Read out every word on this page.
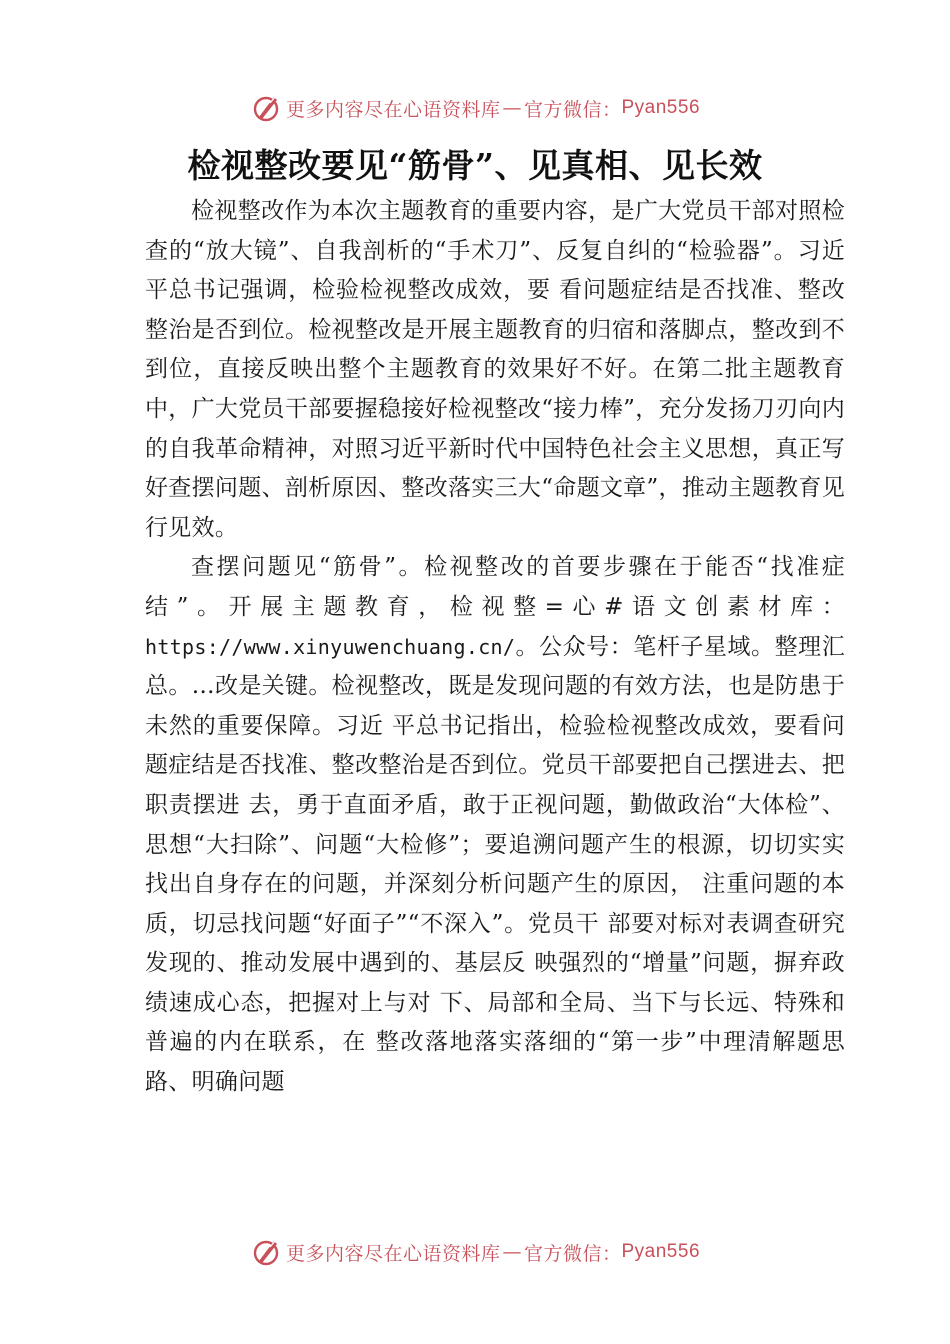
更多内容尽在心语资料库 — 官方微信： Pyan556
检视整改要见“筋骨”、见真相、见长效

检视整改作为本次主题教育的重要内容，是广大党员干部对照检查的“放大镜”、自我剖析的“手术刀”、反复自纠的“检验器”。习近平总书记强调，检验检视整改成效，要 看问题症结是否找准、整改整治是否到位。检视整改是开展主题教育的归宿和落脚点，整改到不到位，直接反映出整个主题教育的效果好不好。在第二批主题教育中，广大党员干部要握稳接好检视整改“接力棒”，充分发扬刀刃向内的自我革命精神，对照习近平新时代中国特色社会主义思想，真正写好查摆问题、剖析原因、整改落实三大“命题文章”，推动主题教育见行见效。

查摆问题见“筋骨”。检视整改的首要步骤在于能否“找准症结”。开展主题教育，检视整=心#语文创素材库：https://www.xinyuwenchuang.cn/。公众号：笔杆子星域。整理汇总。…改是关键。检视整改，既是发现问题的有效方法，也是防患于未然的重要保障。习近 平总书记指出，检验检视整改成效，要看问题症结是否找准、整改整治是否到位。党员干部要把自己摆进去、把职责摆进 去，勇于直面矛盾，敢于正视问题，勤做政治“大体检”、思想“大扫除”、问题“大检修”；要追溯问题产生的根源，切切实实找出自身存在的问题，并深刻分析问题产生的原因， 注重问题的本质，切忌找问题“好面子”“不深入”。党员干 部要对标对表调查研究发现的、推动发展中遇到的、基层反 映强烈的“增量”问题，摒弃政绩速成心态，把握对上与对 下、局部和全局、当下与长远、特殊和普遍的内在联系，在 整改落地落实落细的“第一步”中理清解题思路、明确问题

更多内容尽在心语资料库 — 官方微信： Pyan556
